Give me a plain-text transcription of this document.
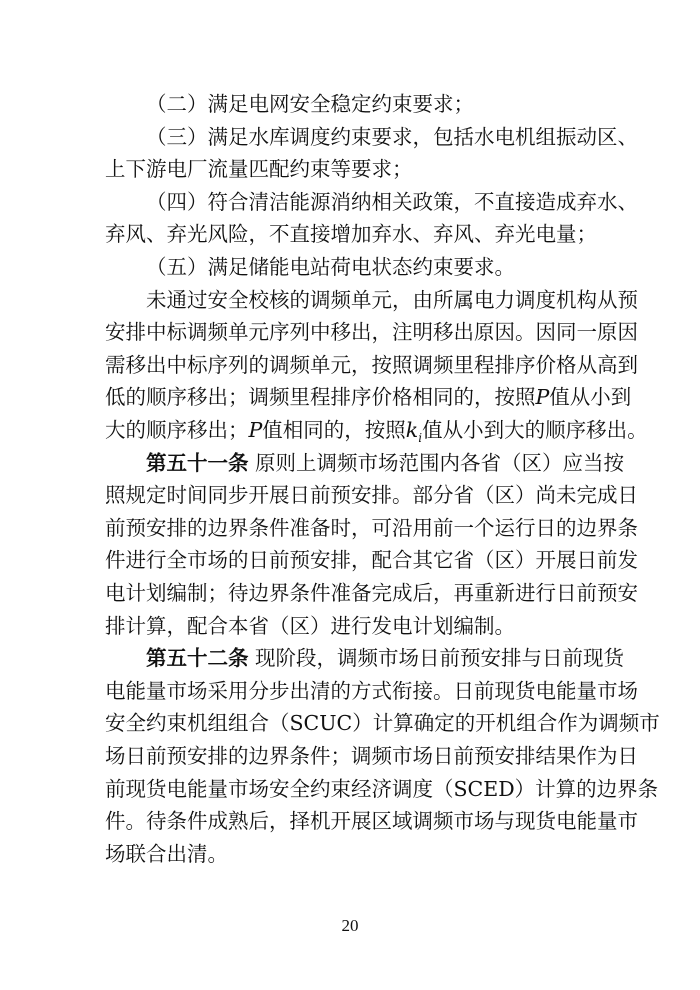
（二）满足电网安全稳定约束要求；
（三）满足水库调度约束要求，包括水电机组振动区、
上下游电厂流量匹配约束等要求；
（四）符合清洁能源消纳相关政策，不直接造成弃水、
弃风、弃光风险，不直接增加弃水、弃风、弃光电量；
（五）满足储能电站荷电状态约束要求。
未通过安全校核的调频单元，由所属电力调度机构从预
安排中标调频单元序列中移出，注明移出原因。因同一原因
需移出中标序列的调频单元，按照调频里程排序价格从高到
低的顺序移出；调频里程排序价格相同的，按照P值从小到
大的顺序移出；P值相同的，按照$k_i$值从小到大的顺序移出。
第五十一条 原则上调频市场范围内各省（区）应当按
照规定时间同步开展日前预安排。部分省（区）尚未完成日
前预安排的边界条件准备时，可沿用前一个运行日的边界条
件进行全市场的日前预安排，配合其它省（区）开展日前发
电计划编制；待边界条件准备完成后，再重新进行日前预安
排计算，配合本省（区）进行发电计划编制。
第五十二条 现阶段，调频市场日前预安排与日前现货
电能量市场采用分步出清的方式衔接。日前现货电能量市场
安全约束机组组合（SCUC）计算确定的开机组合作为调频市
场日前预安排的边界条件；调频市场日前预安排结果作为日
前现货电能量市场安全约束经济调度（SCED）计算的边界条
件。待条件成熟后，择机开展区域调频市场与现货电能量市
场联合出清。
20
